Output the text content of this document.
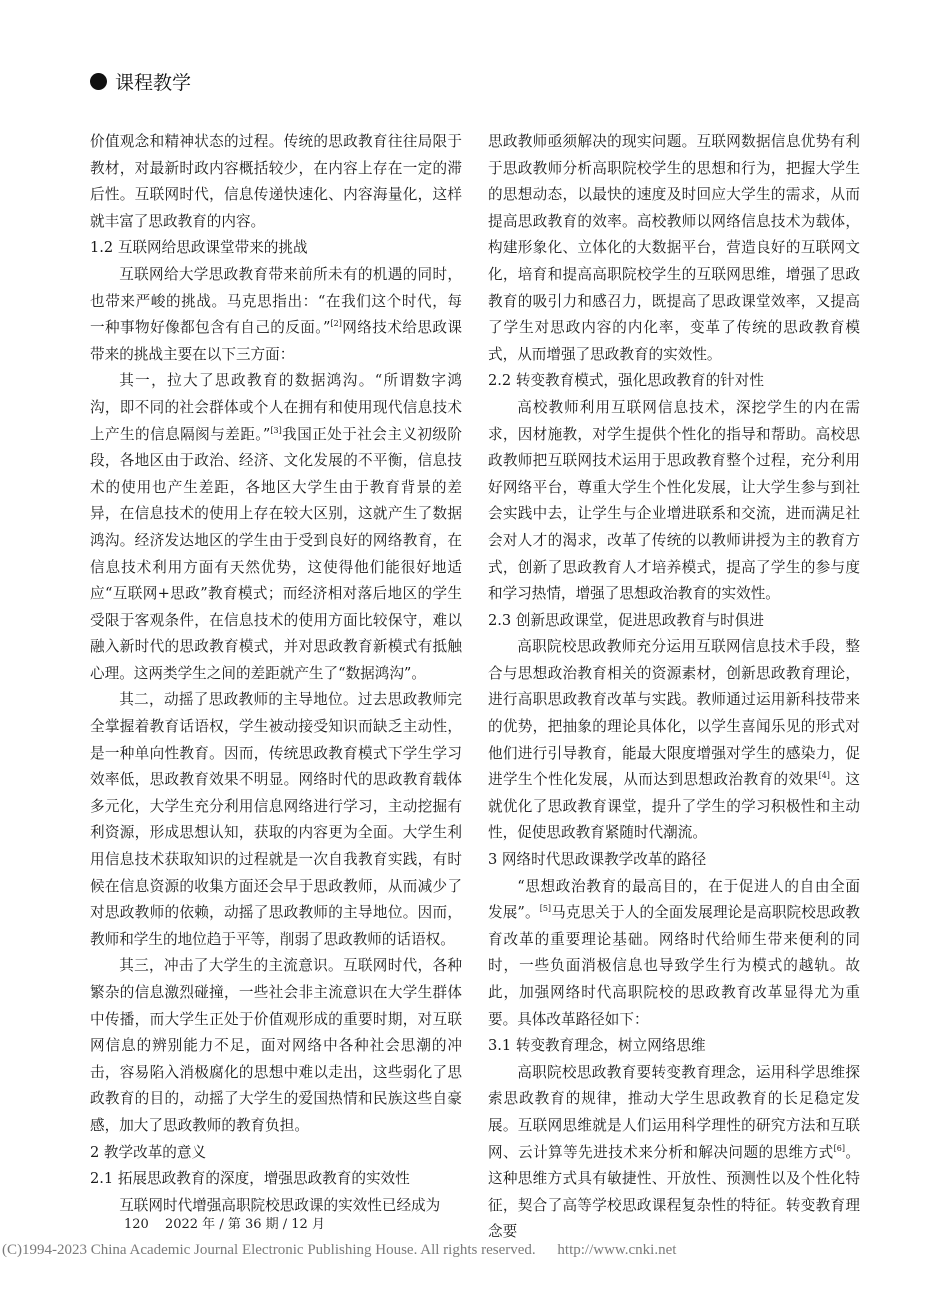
课程教学

价值观念和精神状态的过程。传统的思政教育往往局限于教材，对最新时政内容概括较少，在内容上存在一定的滞后性。互联网时代，信息传递快速化、内容海量化，这样就丰富了思政教育的内容。

1.2 互联网给思政课堂带来的挑战

互联网给大学思政教育带来前所未有的机遇的同时，也带来严峻的挑战。马克思指出：“在我们这个时代，每一种事物好像都包含有自己的反面。”[2]网络技术给思政课带来的挑战主要在以下三方面：

其一，拉大了思政教育的数据鸿沟。“所谓数字鸿沟，即不同的社会群体或个人在拥有和使用现代信息技术上产生的信息隔阂与差距。”[3]我国正处于社会主义初级阶段，各地区由于政治、经济、文化发展的不平衡，信息技术的使用也产生差距，各地区大学生由于教育背景的差异，在信息技术的使用上存在较大区别，这就产生了数据鸿沟。经济发达地区的学生由于受到良好的网络教育，在信息技术利用方面有天然优势，这使得他们能很好地适应“互联网+思政”教育模式；而经济相对落后地区的学生受限于客观条件，在信息技术的使用方面比较保守，难以融入新时代的思政教育模式，并对思政教育新模式有抵触心理。这两类学生之间的差距就产生了“数据鸿沟”。

其二，动摇了思政教师的主导地位。过去思政教师完全掌握着教育话语权，学生被动接受知识而缺乏主动性，是一种单向性教育。因而，传统思政教育模式下学生学习效率低，思政教育效果不明显。网络时代的思政教育载体多元化，大学生充分利用信息网络进行学习，主动挖掘有利资源，形成思想认知，获取的内容更为全面。大学生利用信息技术获取知识的过程就是一次自我教育实践，有时候在信息资源的收集方面还会早于思政教师，从而减少了对思政教师的依赖，动摇了思政教师的主导地位。因而，教师和学生的地位趋于平等，削弱了思政教师的话语权。

其三，冲击了大学生的主流意识。互联网时代，各种繁杂的信息激烈碰撞，一些社会非主流意识在大学生群体中传播，而大学生正处于价值观形成的重要时期，对互联网信息的辨别能力不足，面对网络中各种社会思潮的冲击，容易陷入消极腐化的思想中难以走出，这些弱化了思政教育的目的，动摇了大学生的爱国热情和民族这些自豪感，加大了思政教师的教育负担。

2 教学改革的意义

2.1 拓展思政教育的深度，增强思政教育的实效性

互联网时代增强高职院校思政课的实效性已经成为

思政教师亟须解决的现实问题。互联网数据信息优势有利于思政教师分析高职院校学生的思想和行为，把握大学生的思想动态，以最快的速度及时回应大学生的需求，从而提高思政教育的效率。高校教师以网络信息技术为载体，构建形象化、立体化的大数据平台，营造良好的互联网文化，培育和提高高职院校学生的互联网思维，增强了思政教育的吸引力和感召力，既提高了思政课堂效率，又提高了学生对思政内容的内化率，变革了传统的思政教育模式，从而增强了思政教育的实效性。

2.2 转变教育模式，强化思政教育的针对性

高校教师利用互联网信息技术，深挖学生的内在需求，因材施教，对学生提供个性化的指导和帮助。高校思政教师把互联网技术运用于思政教育整个过程，充分利用好网络平台，尊重大学生个性化发展，让大学生参与到社会实践中去，让学生与企业增进联系和交流，进而满足社会对人才的渴求，改革了传统的以教师讲授为主的教育方式，创新了思政教育人才培养模式，提高了学生的参与度和学习热情，增强了思想政治教育的实效性。

2.3 创新思政课堂，促进思政教育与时俱进

高职院校思政教师充分运用互联网信息技术手段，整合与思想政治教育相关的资源素材，创新思政教育理论，进行高职思政教育改革与实践。教师通过运用新科技带来的优势，把抽象的理论具体化，以学生喜闻乐见的形式对他们进行引导教育，能最大限度增强对学生的感染力，促进学生个性化发展，从而达到思想政治教育的效果[4]。这就优化了思政教育课堂，提升了学生的学习积极性和主动性，促使思政教育紧随时代潮流。

3 网络时代思政课教学改革的路径

“思想政治教育的最高目的，在于促进人的自由全面发展”。[5]马克思关于人的全面发展理论是高职院校思政教育改革的重要理论基础。网络时代给师生带来便利的同时，一些负面消极信息也导致学生行为模式的越轨。故此，加强网络时代高职院校的思政教育改革显得尤为重要。具体改革路径如下：

3.1 转变教育理念，树立网络思维

高职院校思政教育要转变教育理念，运用科学思维探索思政教育的规律，推动大学生思政教育的长足稳定发展。互联网思维就是人们运用科学理性的研究方法和互联网、云计算等先进技术来分析和解决问题的思维方式[6]。这种思维方式具有敏捷性、开放性、预测性以及个性化特征，契合了高等学校思政课程复杂性的特征。转变教育理念要

120 2022 年 / 第 36 期 / 12 月
(C)1994-2023 China Academic Journal Electronic Publishing House. All rights reserved. http://www.cnki.net
